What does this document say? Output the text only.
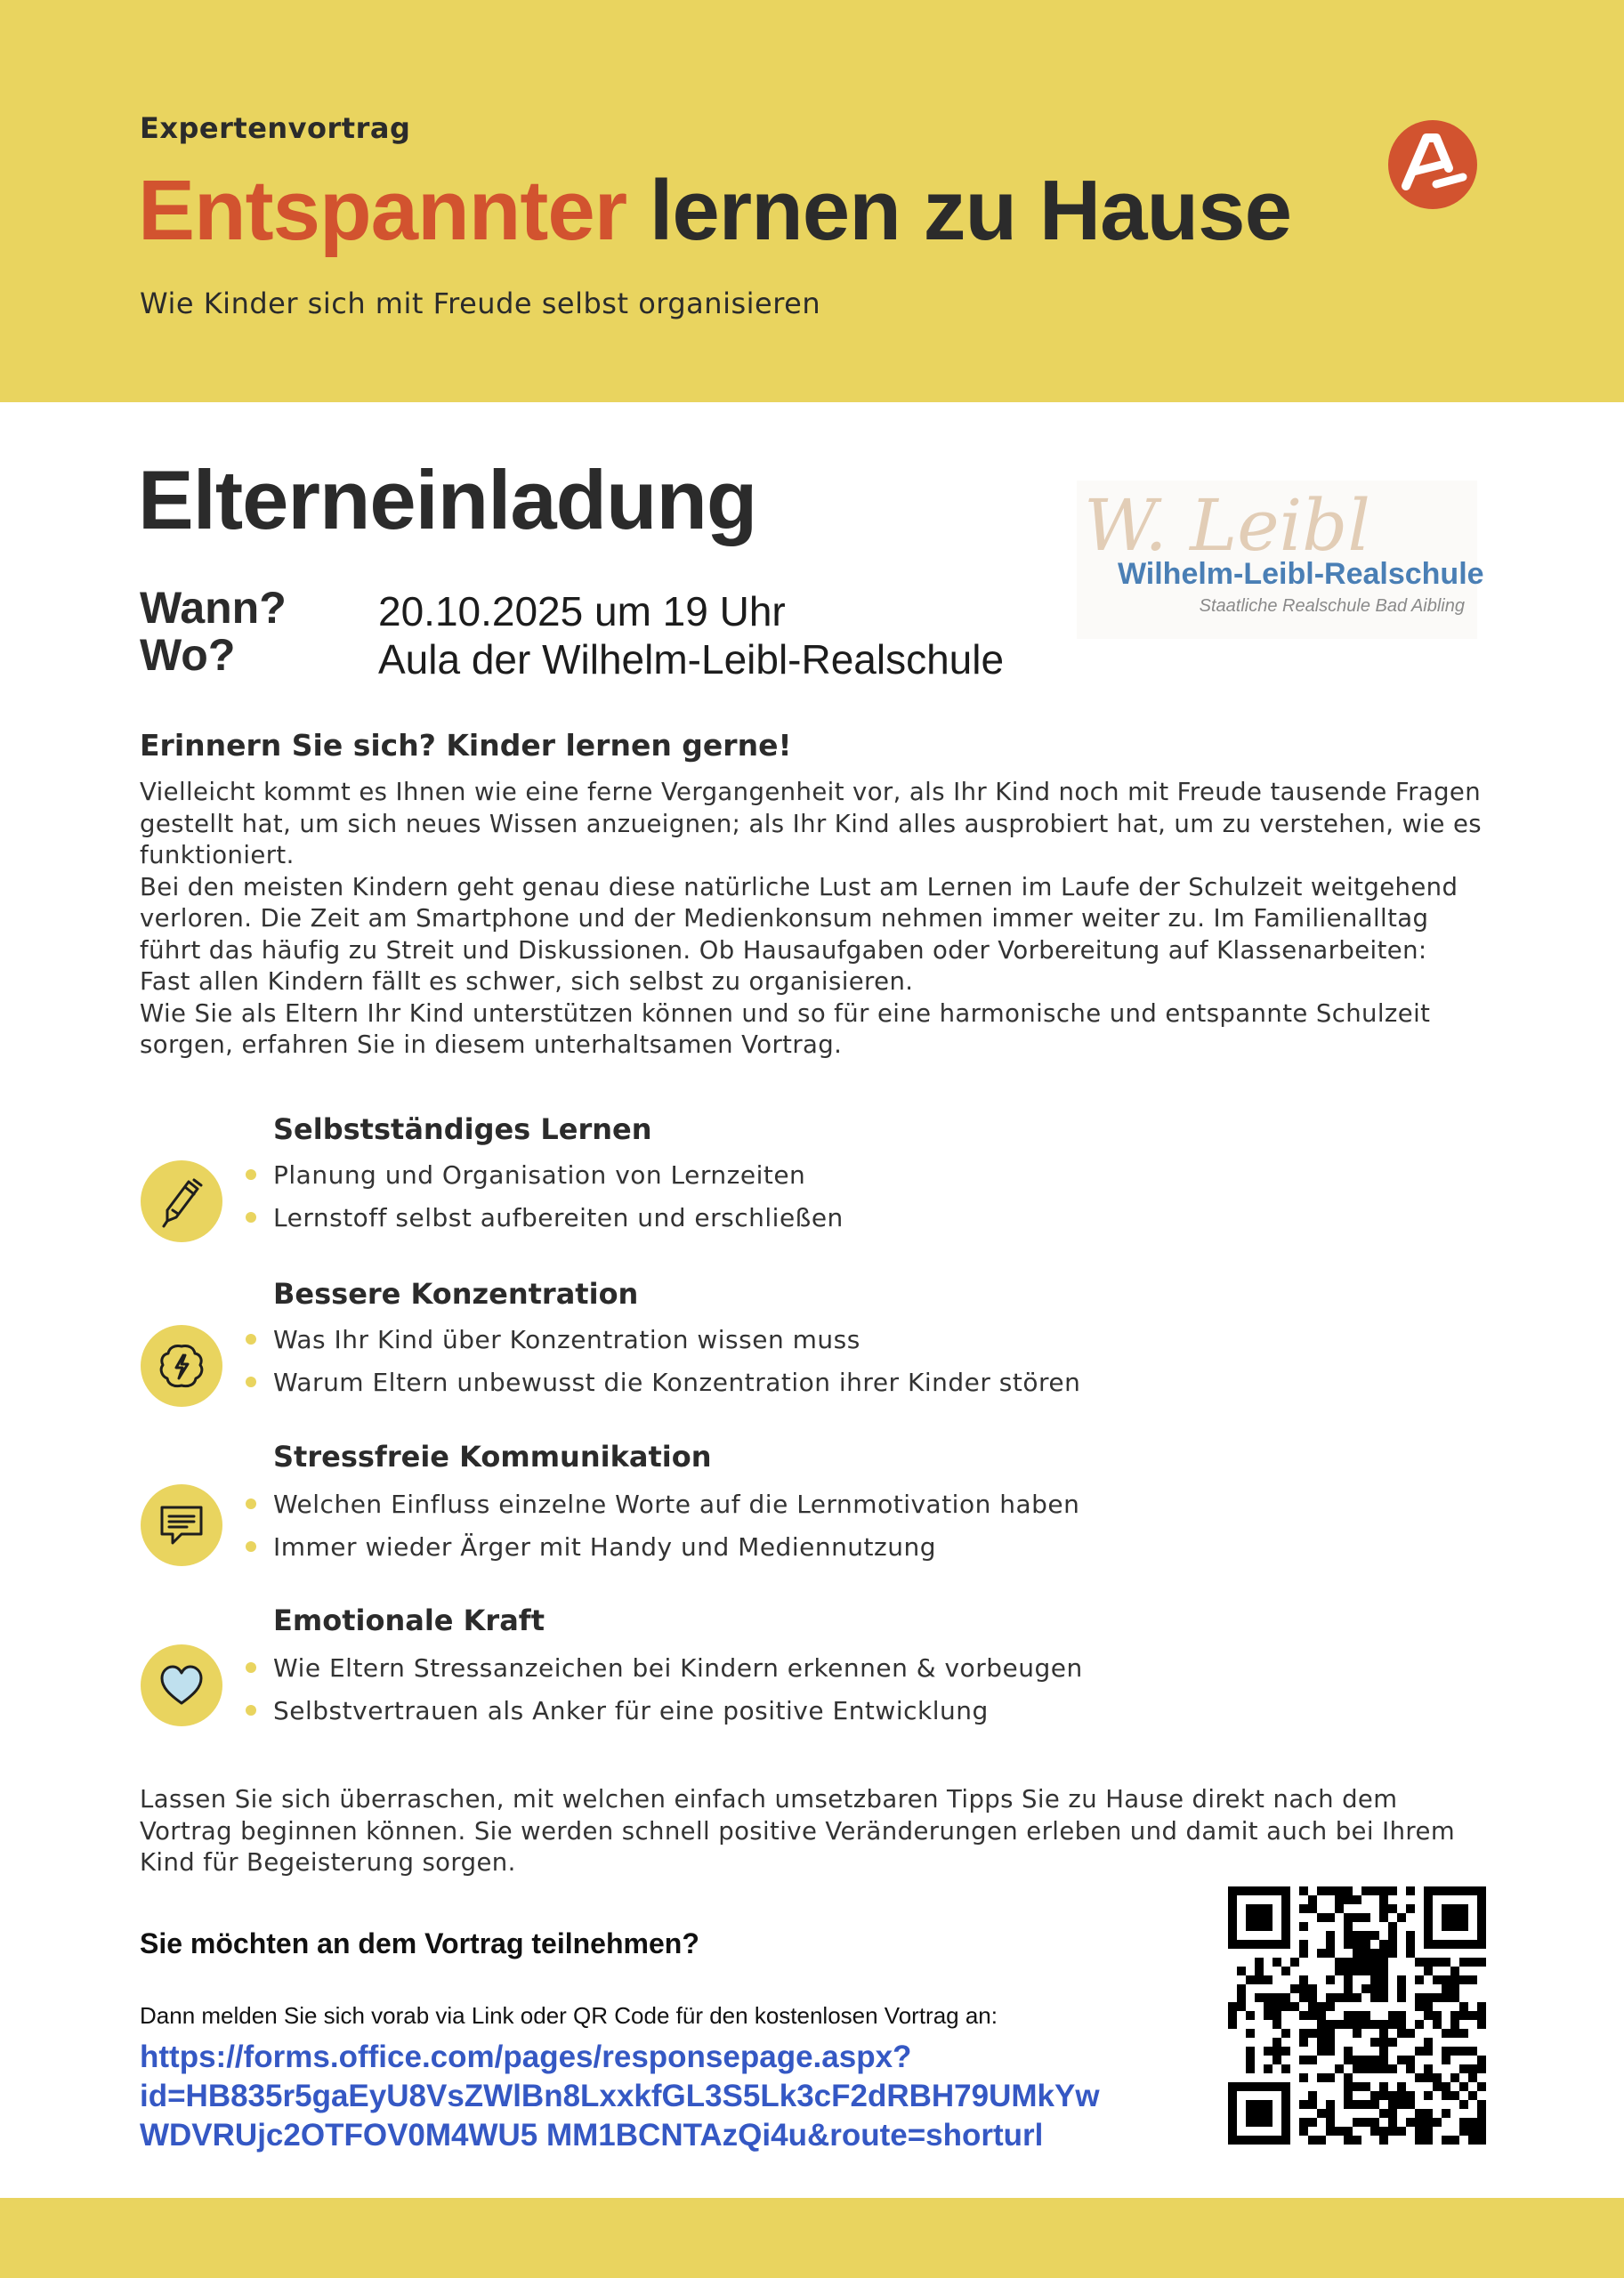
Expertenvortrag
Entspannter lernen zu Hause
Wie Kinder sich mit Freude selbst organisieren
Elterneinladung	W. Leibl
Wilhelm-Leibl-Realschule
Staatliche Realschule Bad Aibling
Wann? 20.10.2025 um 19 Uhr
Wo?	Aula der Wilhelm-Leibl-Realschule
Erinnern Sie sich? Kinder lernen gerne!

Vielleicht kommt es Ihnen wie eine ferne Vergangenheit vor, als Ihr Kind noch mit Freude tausende Fragen gestellt hat, um sich neues Wissen anzueignen; als Ihr Kind alles ausprobiert hat, um zu verstehen, wie es funktioniert.

Bei den meisten Kindern geht genau diese natürliche Lust am Lernen im Laufe der Schulzeit weitgehend verloren. Die Zeit am Smartphone und der Medienkonsum nehmen immer weiter zu. Im Familienalltag führt das häufig zu Streit und Diskussionen. Ob Hausaufgaben oder Vorbereitung auf Klassenarbeiten: Fast allen Kindern fällt es schwer, sich selbst zu organisieren.

Wie Sie als Eltern Ihr Kind unterstützen können und so für eine harmonische und entspannte Schulzeit sorgen, erfahren Sie in diesem unterhaltsamen Vortrag.

Selbstständiges Lernen
Planung und Organisation von Lernzeiten
Lernstoff selbst aufbereiten und erschließen
Bessere Konzentration
Was Ihr Kind über Konzentration wissen muss
Warum Eltern unbewusst die Konzentration ihrer Kinder stören
Stressfreie Kommunikation
Welchen Einfluss einzelne Worte auf die Lernmotivation haben
Immer wieder Ärger mit Handy und Mediennutzung
Emotionale Kraft
Wie Eltern Stressanzeichen bei Kindern erkennen & vorbeugen
Selbstvertrauen als Anker für eine positive Entwicklung
Lassen Sie sich überraschen, mit welchen einfach umsetzbaren Tipps Sie zu Hause direkt nach dem Vortrag beginnen können. Sie werden schnell positive Veränderungen erleben und damit auch bei Ihrem Kind für Begeisterung sorgen.
Sie möchten an dem Vortrag teilnehmen?
Dann melden Sie sich vorab via Link oder QR Code für den kostenlosen Vortrag an:
https://forms.office.com/pages/responsepage.aspx?
id=HB835r5gaEyU8VsZWlBn8LxxkfGL3S5Lk3cF2dRBH79UMkYw
WDVRUjc2OTFOV0M4WU5 MM1BCNTAzQi4u&route=shorturl
